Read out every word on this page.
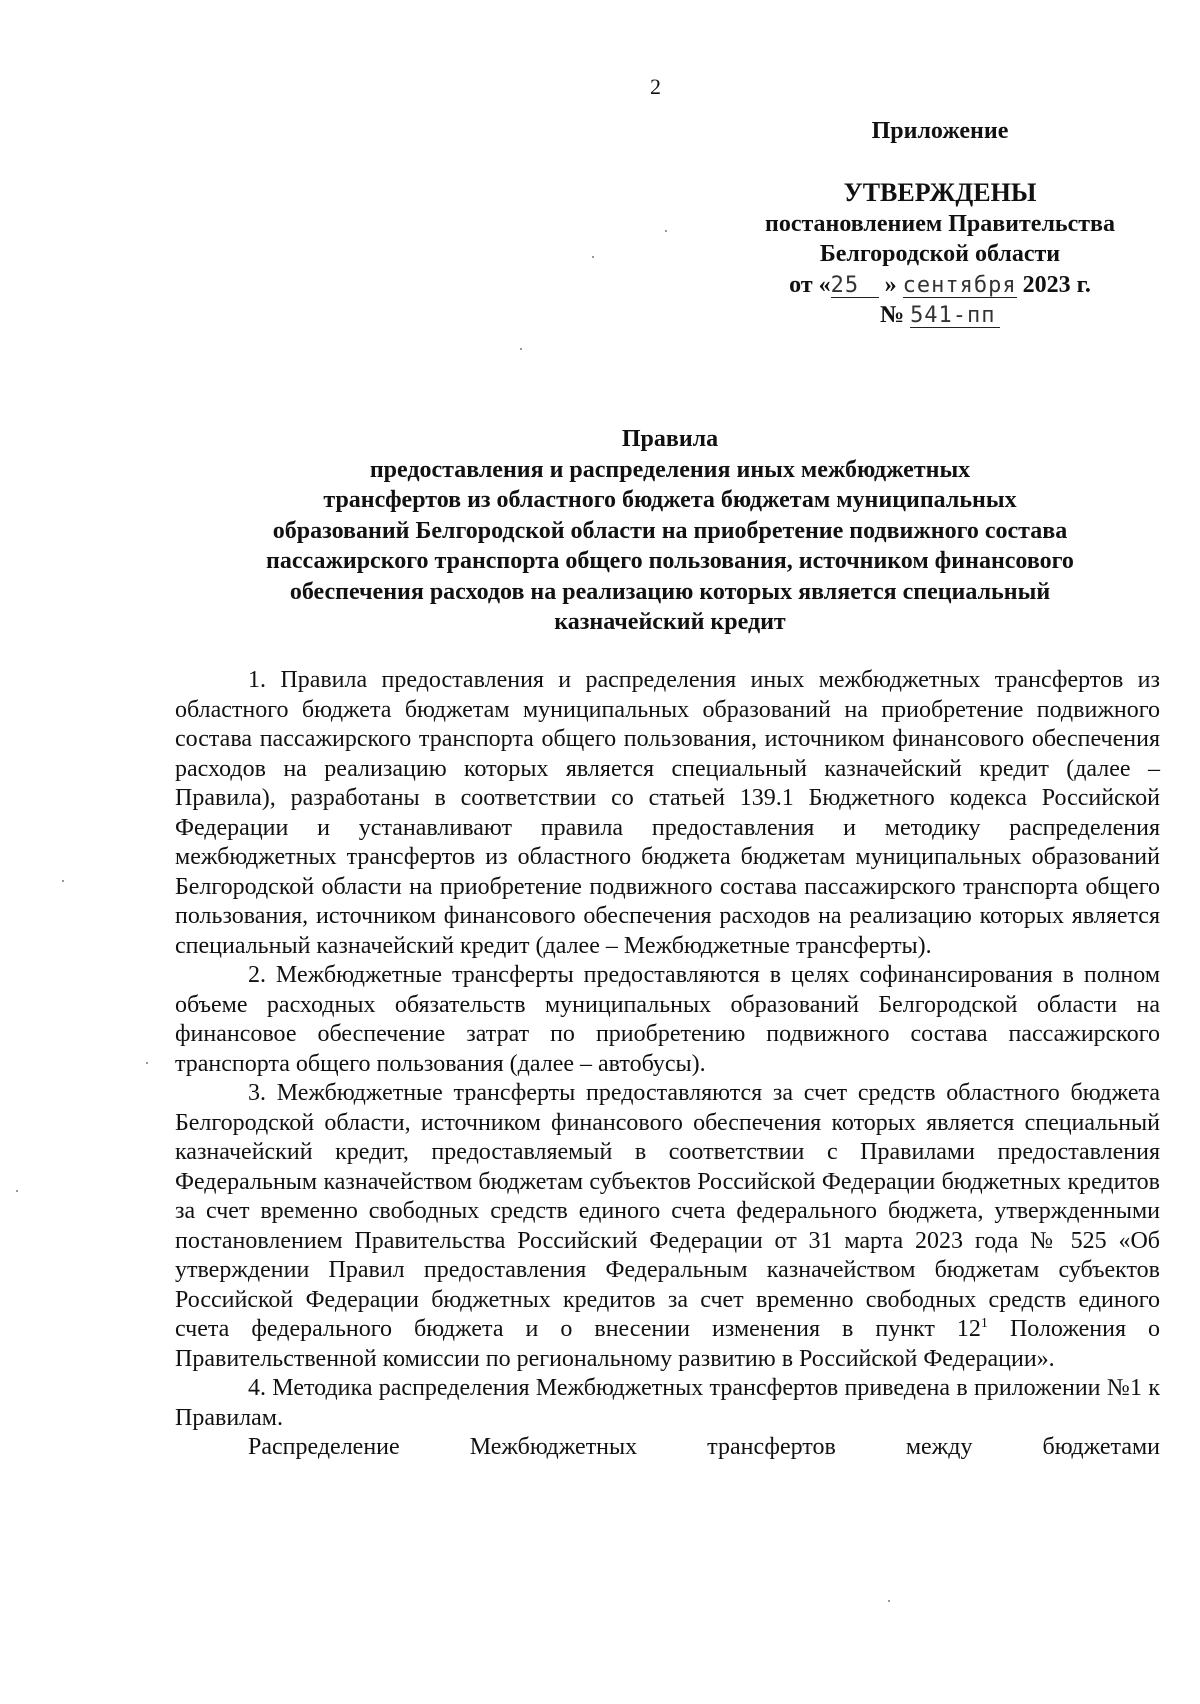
2
Приложение
УТВЕРЖДЕНЫ
постановлением Правительства
Белгородской области
от «25 » сентября 2023 г.
№ 541-пп
Правила
предоставления и распределения иных межбюджетных
трансфертов из областного бюджета бюджетам муниципальных
образований Белгородской области на приобретение подвижного состава
пассажирского транспорта общего пользования, источником финансового
обеспечения расходов на реализацию которых является специальный
казначейский кредит

1. Правила предоставления и распределения иных межбюджетных трансфертов из областного бюджета бюджетам муниципальных образований на приобретение подвижного состава пассажирского транспорта общего пользования, источником финансового обеспечения расходов на реализацию которых является специальный казначейский кредит (далее – Правила), разработаны в соответствии со статьей 139.1 Бюджетного кодекса Российской Федерации и устанавливают правила предоставления и методику распределения межбюджетных трансфертов из областного бюджета бюджетам муниципальных образований Белгородской области на приобретение подвижного состава пассажирского транспорта общего пользования, источником финансового обеспечения расходов на реализацию которых является специальный казначейский кредит (далее – Межбюджетные трансферты).

2. Межбюджетные трансферты предоставляются в целях софинансирования в полном объеме расходных обязательств муниципальных образований Белгородской области на финансовое обеспечение затрат по приобретению подвижного состава пассажирского транспорта общего пользования (далее – автобусы).

3. Межбюджетные трансферты предоставляются за счет средств областного бюджета Белгородской области, источником финансового обеспечения которых является специальный казначейский кредит, предоставляемый в соответствии с Правилами предоставления Федеральным казначейством бюджетам субъектов Российской Федерации бюджетных кредитов за счет временно свободных средств единого счета федерального бюджета, утвержденными постановлением Правительства Российский Федерации от 31 марта 2023 года № 525 «Об утверждении Правил предоставления Федеральным казначейством бюджетам субъектов Российской Федерации бюджетных кредитов за счет временно свободных средств единого счета федерального бюджета и о внесении изменения в пункт $12^1$ Положения о Правительственной комиссии по региональному развитию в Российской Федерации».

4. Методика распределения Межбюджетных трансфертов приведена в приложении №1 к Правилам.

Распределение Межбюджетных трансфертов между бюджетами
